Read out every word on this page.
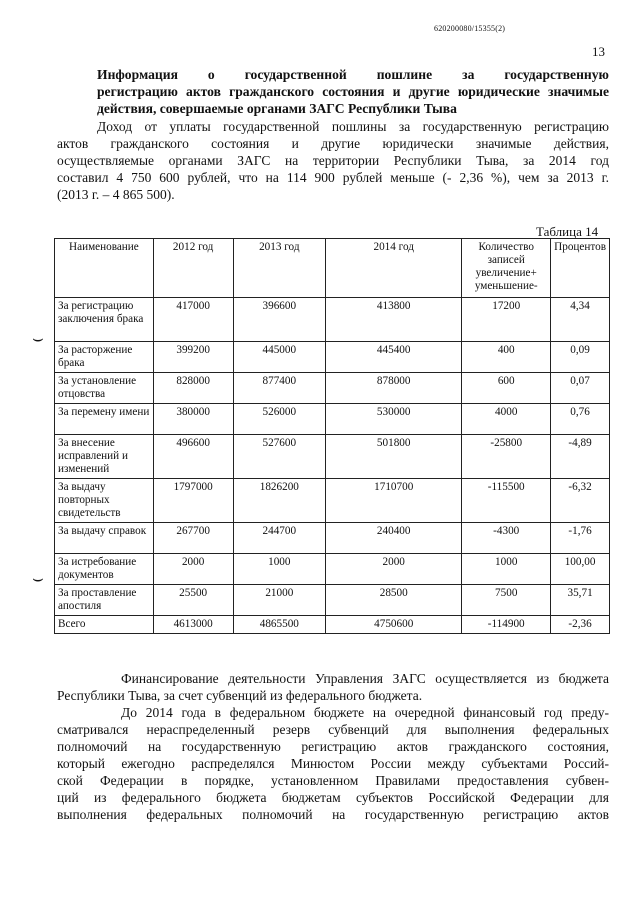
620200080/15355(2)
13
Информация о государственной пошлине за государственную
регистрацию актов гражданского состояния и другие юридические значимые
действия, совершаемые органами ЗАГС Республики Тыва
Доход от уплаты государственной пошлины за государственную регистрацию
актов гражданского состояния и другие юридически значимые действия,
осуществляемые органами ЗАГС на территории Республики Тыва, за 2014 год
составил 4 750 600 рублей, что на 114 900 рублей меньше (- 2,36 %), чем за 2013 г.
(2013 г. – 4 865 500).
Таблица 14
Наименование	2012 год	2013 год	2014 год	Количество записей увеличение+ уменьшение-	Процентов
За регистрацию заключения брака	417000	396600	413800	17200	4,34
За расторжение брака	399200	445000	445400	400	0,09
За установление отцовства	828000	877400	878000	600	0,07
За перемену имени	380000	526000	530000	4000	0,76
За внесение исправлений и изменений	496600	527600	501800	-25800	-4,89
За выдачу повторных свидетельств	1797000	1826200	1710700	-115500	-6,32
За выдачу справок	267700	244700	240400	-4300	-1,76
За истребование документов	2000	1000	2000	1000	100,00
За проставление апостиля	25500	21000	28500	7500	35,71
Всего	4613000	4865500	4750600	-114900	-2,36
⌣
⌣
Финансирование деятельности Управления ЗАГС осуществляется из бюджета
Республики Тыва, за счет субвенций из федерального бюджета.
До 2014 года в федеральном бюджете на очередной финансовый год преду-
сматривался нераспределенный резерв субвенций для выполнения федеральных
полномочий на государственную регистрацию актов гражданского состояния,
который ежегодно распределялся Минюстом России между субъектами Россий-
ской Федерации в порядке, установленном Правилами предоставления субвен-
ций из федерального бюджета бюджетам субъектов Российской Федерации для
выполнения федеральных полномочий на государственную регистрацию актов
